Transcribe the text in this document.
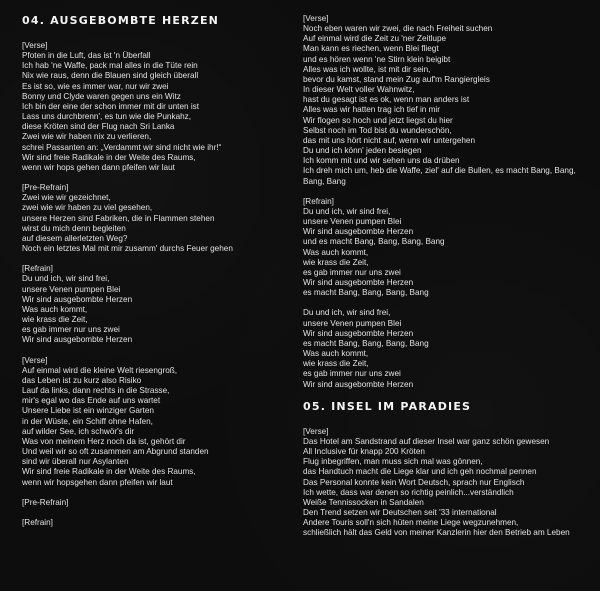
04. AUSGEBOMBTE HERZEN
[Verse]
Pfoten in die Luft, das ist 'n Überfall
Ich hab 'ne Waffe, pack mal alles in die Tüte rein
Nix wie raus, denn die Blauen sind gleich überall
Es ist so, wie es immer war, nur wir zwei
Bonny und Clyde waren gegen uns ein Witz
Ich bin der eine der schon immer mit dir unten ist
Lass uns durchbrenn', es tun wie die Punkahz,
diese Kröten sind der Flug nach Sri Lanka
Zwei wie wir haben nix zu verlieren,
schrei Passanten an: „Verdammt wir sind nicht wie ihr!“
Wir sind freie Radikale in der Weite des Raums,
wenn wir hops gehen dann pfeifen wir laut
[Pre-Refrain]
Zwei wie wir gezeichnet,
zwei wie wir haben zu viel gesehen,
unsere Herzen sind Fabriken, die in Flammen stehen
wirst du mich denn begleiten
auf diesem allerletzten Weg?
Noch ein letztes Mal mit mir zusamm' durchs Feuer gehen
[Refrain]
Du und ich, wir sind frei,
unsere Venen pumpen Blei
Wir sind ausgebombte Herzen
Was auch kommt,
wie krass die Zeit,
es gab immer nur uns zwei
Wir sind ausgebombte Herzen
[Verse]
Auf einmal wird die kleine Welt riesengroß,
das Leben ist zu kurz also Risiko
Lauf da links, dann rechts in die Strasse,
mir's egal wo das Ende auf uns wartet
Unsere Liebe ist ein winziger Garten
in der Wüste, ein Schiff ohne Hafen,
auf wilder See, ich schwör's dir
Was von meinem Herz noch da ist, gehört dir
Und weil wir so oft zusammen am Abgrund standen
sind wir überall nur Asylanten
Wir sind freie Radikale in der Weite des Raums,
wenn wir hopsgehen dann pfeifen wir laut
[Pre-Refrain]
[Refrain]
[Verse]
Noch eben waren wir zwei, die nach Freiheit suchen
Auf einmal wird die Zeit zu 'ner Zeitlupe
Man kann es riechen, wenn Blei fliegt
und es hören wenn 'ne Stirn klein beigibt
Alles was ich wollte, ist mit dir sein,
bevor du kamst, stand mein Zug auf'm Rangiergleis
In dieser Welt voller Wahnwitz,
hast du gesagt ist es ok, wenn man anders ist
Alles was wir hatten trag ich tief in mir
Wir flogen so hoch und jetzt liegst du hier
Selbst noch im Tod bist du wunderschön,
das mit uns hört nicht auf, wenn wir untergehen
Du und ich könn' jeden besiegen
Ich komm mit und wir sehen uns da drüben
Ich dreh mich um, heb die Waffe, ziel' auf die Bullen, es macht Bang, Bang,
Bang, Bang
[Refrain]
Du und ich, wir sind frei,
unsere Venen pumpen Blei
Wir sind ausgebombte Herzen
und es macht Bang, Bang, Bang, Bang
Was auch kommt,
wie krass die Zeit,
es gab immer nur uns zwei
Wir sind ausgebombte Herzen
es macht Bang, Bang, Bang, Bang
Du und ich, wir sind frei,
unsere Venen pumpen Blei
Wir sind ausgebombte Herzen
es macht Bang, Bang, Bang, Bang
Was auch kommt,
wie krass die Zeit,
es gab immer nur uns zwei
Wir sind ausgebombte Herzen
05. INSEL IM PARADIES
[Verse]
Das Hotel am Sandstrand auf dieser Insel war ganz schön gewesen
All Inclusive für knapp 200 Kröten
Flug inbegriffen, man muss sich mal was gönnen,
das Handtuch macht die Liege klar und ich geh nochmal pennen
Das Personal konnte kein Wort Deutsch, sprach nur Englisch
Ich wette, dass war denen so richtig peinlich...verständlich
Weiße Tennissocken in Sandalen
Den Trend setzen wir Deutschen seit '33 international
Andere Touris soll'n sich hüten meine Liege wegzunehmen,
schließlich hält das Geld von meiner Kanzlerin hier den Betrieb am Leben
